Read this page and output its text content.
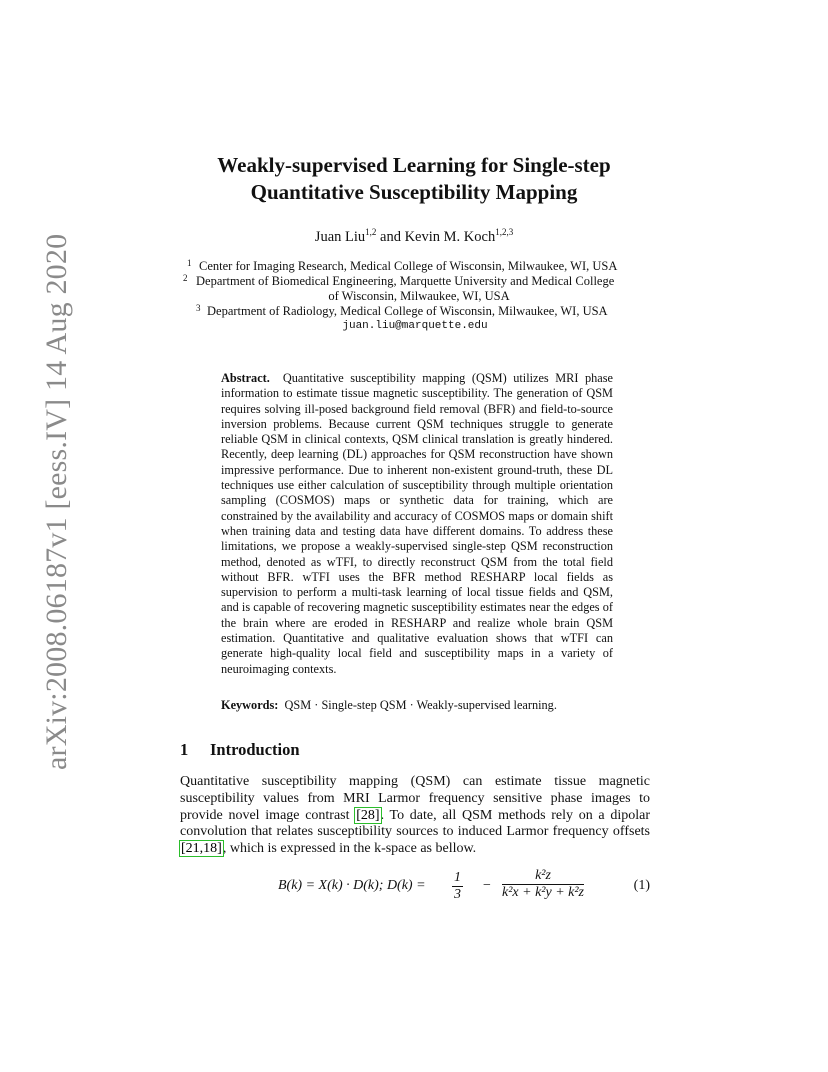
arXiv:2008.06187v1 [eess.IV] 14 Aug 2020
Weakly-supervised Learning for Single-step
Quantitative Susceptibility Mapping
Juan Liu$^{1,2}$ and Kevin M. Koch$^{1,2,3}$
1 Center for Imaging Research, Medical College of Wisconsin, Milwaukee, WI, USA
2 Department of Biomedical Engineering, Marquette University and Medical College
of Wisconsin, Milwaukee, WI, USA
3 Department of Radiology, Medical College of Wisconsin, Milwaukee, WI, USA
juan.liu@marquette.edu
Abstract. Quantitative susceptibility mapping (QSM) utilizes MRI phase information to estimate tissue magnetic susceptibility. The generation of QSM requires solving ill-posed background field removal (BFR) and field-to-source inversion problems. Because current QSM techniques struggle to generate reliable QSM in clinical contexts, QSM clinical translation is greatly hindered. Recently, deep learning (DL) approaches for QSM reconstruction have shown impressive performance. Due to inherent non-existent ground-truth, these DL techniques use either calculation of susceptibility through multiple orientation sampling (COSMOS) maps or synthetic data for training, which are constrained by the availability and accuracy of COSMOS maps or domain shift when training data and testing data have different domains. To address these limitations, we propose a weakly-supervised single-step QSM reconstruction method, denoted as wTFI, to directly reconstruct QSM from the total field without BFR. wTFI uses the BFR method RESHARP local fields as supervision to perform a multi-task learning of local tissue fields and QSM, and is capable of recovering magnetic susceptibility estimates near the edges of the brain where are eroded in RESHARP and realize whole brain QSM estimation. Quantitative and qualitative evaluation shows that wTFI can generate high-quality local field and susceptibility maps in a variety of neuroimaging contexts.
Keywords: QSM · Single-step QSM · Weakly-supervised learning.
1 Introduction
Quantitative susceptibility mapping (QSM) can estimate tissue magnetic susceptibility values from MRI Larmor frequency sensitive phase images to provide novel image contrast [28]. To date, all QSM methods rely on a dipolar convolution that relates susceptibility sources to induced Larmor frequency offsets [21,18], which is expressed in the k-space as bellow.
B(k) = X(k) · D(k); $D(k) = \frac{1}{3} - \frac{\text{k²z}}{\text{k²x + k²y + k²z}}$	(1)
